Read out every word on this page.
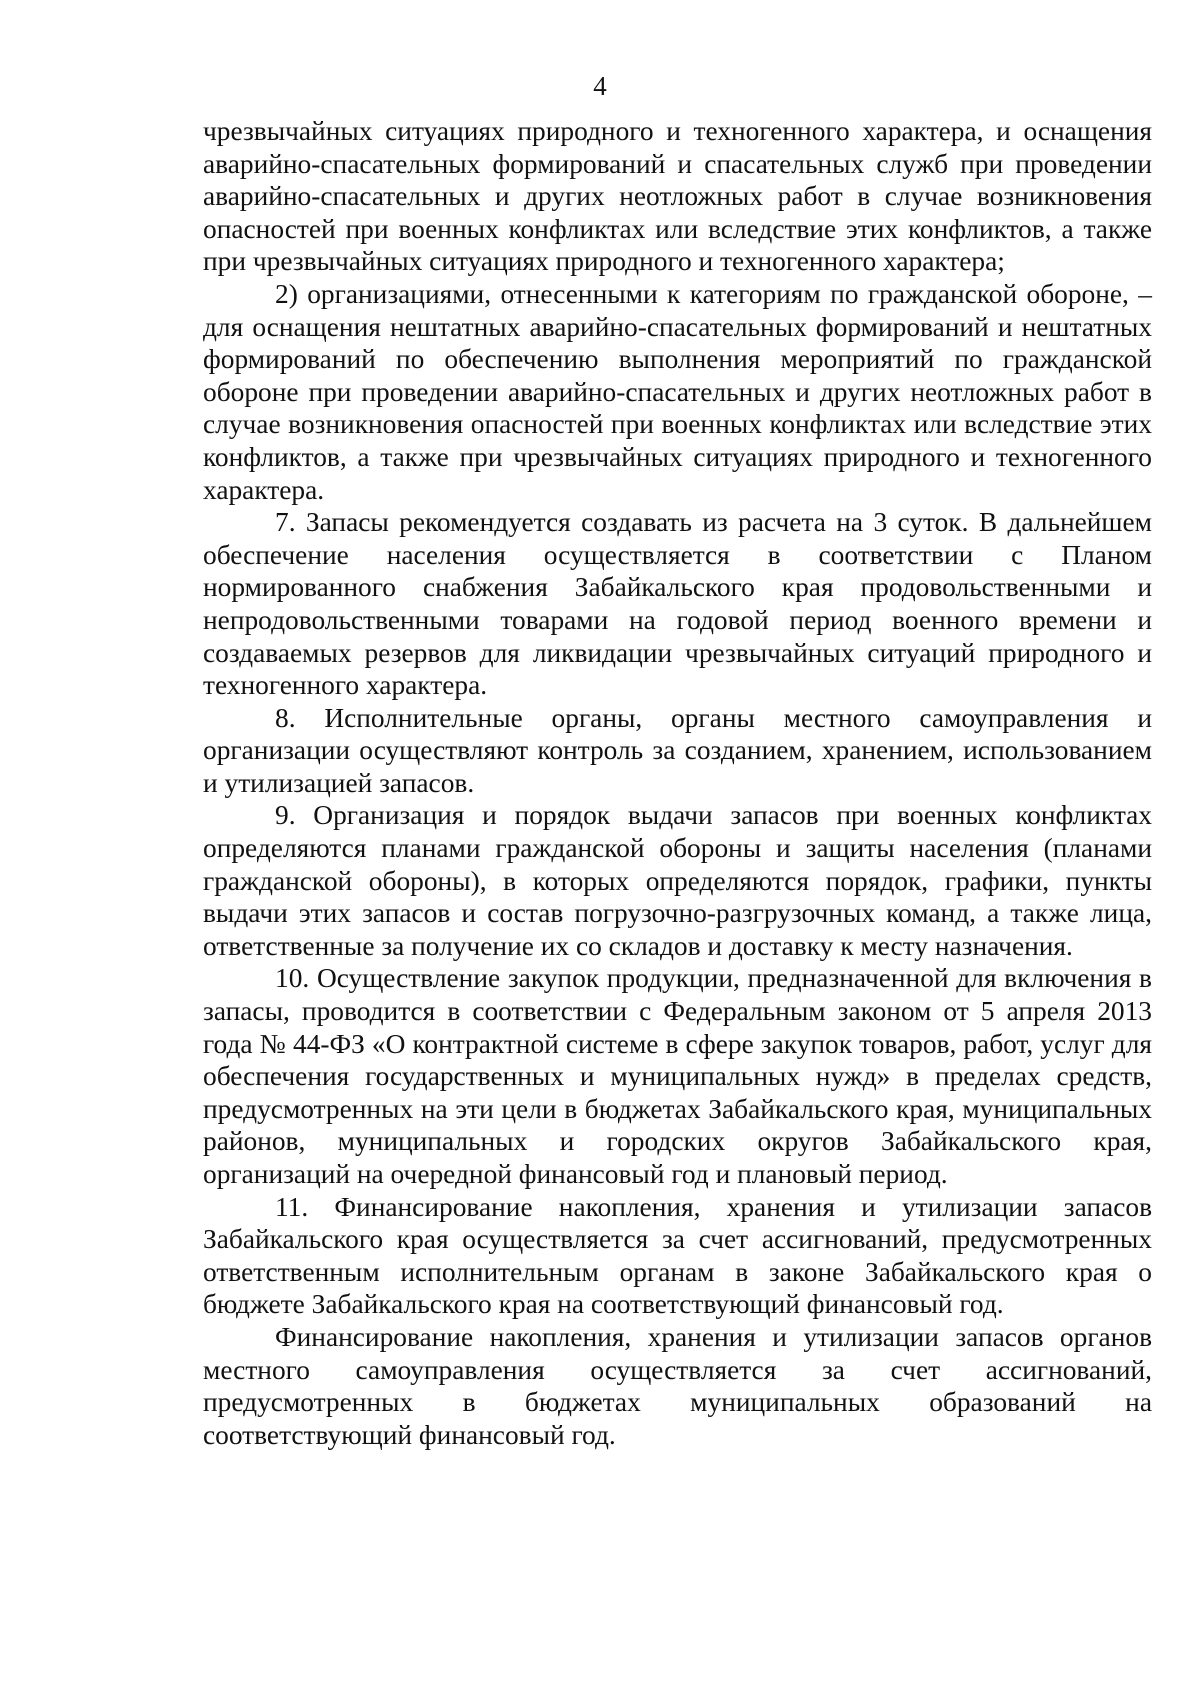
4

чрезвычайных ситуациях природного и техногенного характера, и оснащения аварийно-спасательных формирований и спасательных служб при проведении аварийно-спасательных и других неотложных работ в случае возникновения опасностей при военных конфликтах или вследствие этих конфликтов, а также при чрезвычайных ситуациях природного и техногенного характера;

2) организациями, отнесенными к категориям по гражданской обороне, – для оснащения нештатных аварийно-спасательных формирований и нештатных формирований по обеспечению выполнения мероприятий по гражданской обороне при проведении аварийно-спасательных и других неотложных работ в случае возникновения опасностей при военных конфликтах или вследствие этих конфликтов, а также при чрезвычайных ситуациях природного и техногенного характера.

7. Запасы рекомендуется создавать из расчета на 3 суток. В дальнейшем обеспечение населения осуществляется в соответствии с Планом нормированного снабжения Забайкальского края продовольственными и непродовольственными товарами на годовой период военного времени и создаваемых резервов для ликвидации чрезвычайных ситуаций природного и техногенного характера.

8. Исполнительные органы, органы местного самоуправления и организации осуществляют контроль за созданием, хранением, использованием и утилизацией запасов.

9. Организация и порядок выдачи запасов при военных конфликтах определяются планами гражданской обороны и защиты населения (планами гражданской обороны), в которых определяются порядок, графики, пункты выдачи этих запасов и состав погрузочно-разгрузочных команд, а также лица, ответственные за получение их со складов и доставку к месту назначения.

10. Осуществление закупок продукции, предназначенной для включения в запасы, проводится в соответствии с Федеральным законом от 5 апреля 2013 года № 44-ФЗ «О контрактной системе в сфере закупок товаров, работ, услуг для обеспечения государственных и муниципальных нужд» в пределах средств, предусмотренных на эти цели в бюджетах Забайкальского края, муниципальных районов, муниципальных и городских округов Забайкальского края, организаций на очередной финансовый год и плановый период.

11. Финансирование накопления, хранения и утилизации запасов Забайкальского края осуществляется за счет ассигнований, предусмотренных ответственным исполнительным органам в законе Забайкальского края о бюджете Забайкальского края на соответствующий финансовый год.

Финансирование накопления, хранения и утилизации запасов органов местного самоуправления осуществляется за счет ассигнований, предусмотренных в бюджетах муниципальных образований на соответствующий финансовый год.
